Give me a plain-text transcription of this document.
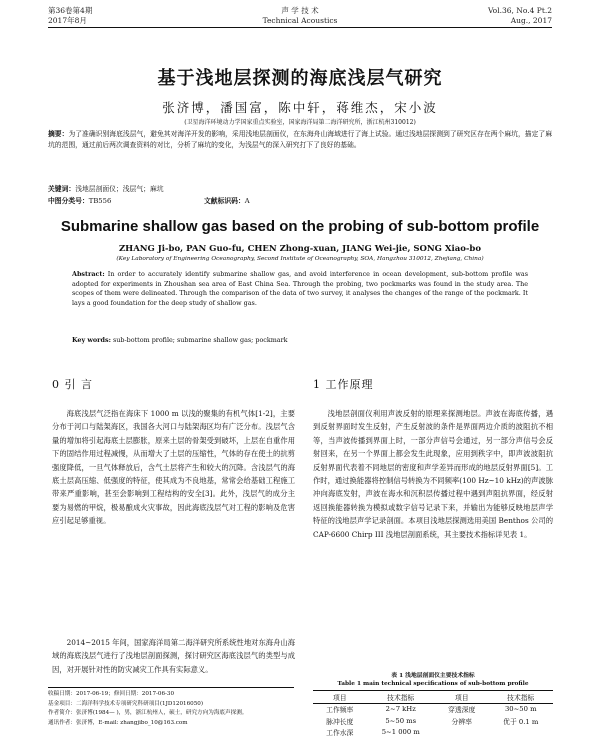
第36卷第4期
2017年8月
声 学 技 术
Technical Acoustics
Vol.36, No.4 Pt.2
Aug., 2017
基于浅地层探测的海底浅层气研究
张济博，潘国富，陈中轩，蒋维杰，宋小波
(卫星海洋环境动力学国家重点实验室，国家海洋局第二海洋研究所，浙江杭州310012)
摘要：为了准确识别海底浅层气，避免其对海洋开发的影响，采用浅地层剖面仪，在东海舟山海域进行了海上试验。通过浅地层探测到了研究区存在两个麻坑，描定了麻坑的范围，通过前后两次调查资料的对比，分析了麻坑的变化，为浅层气的深入研究打下了良好的基础。
关键词：浅地层剖面仪；浅层气；麻坑
中图分类号：TB556	文献标识码：A
Submarine shallow gas based on the probing of sub-bottom profile
ZHANG Ji-bo, PAN Guo-fu, CHEN Zhong-xuan, JIANG Wei-jie, SONG Xiao-bo
(Key Laboratory of Engineering Oceanography, Second Institute of Oceanography, SOA, Hangzhou 310012, Zhejiang, China)
Abstract: In order to accurately identify submarine shallow gas, and avoid interference in ocean development, sub-bottom profile was adopted for experiments in Zhoushan sea area of East China Sea. Through the probing, two pockmarks was found in the study area. The scopes of them were delineated. Through the comparison of the data of two survey, it analyses the changes of the range of the pockmark. It lays a good foundation for the deep study of shallow gas.
Key words: sub-bottom profile; submarine shallow gas; pockmark
0 引 言
海底浅层气泛指在海床下 1000 m 以浅的聚集的有机气体[1-2]，主要分布于河口与陆架海区，我国各大河口与陆架海区均有广泛分布。浅层气含量的增加将引起海底土层膨胀，原来土层的骨架受到破坏，上层在自重作用下的固结作用过程减慢，从而增大了土层的压缩性，气体的存在使土的抗剪强度降低，一旦气体释放后，含气土层将产生和较大的沉降。含浅层气的海底土层高压缩、低强度的特征，使其成为不良地基，常常会给基础工程施工带来严重影响，甚至会影响到工程结构的安全[3]。此外，浅层气的成分主要为易燃的甲烷，极易酿成火灾事故，因此海底浅层气对工程的影响及危害应引起足够重视。
2014~2015 年间，国家海洋局第二海洋研究所系统性地对东海舟山海域的海底浅层气进行了浅地层剖面探测，探讨研究区海底浅层气的类型与成因，对开展针对性的防灾减灾工作具有实际意义。
1 工作原理
浅地层剖面仪利用声波反射的原理来探测地层。声波在海底传播，遇到反射界面时发生反射，产生反射波的条件是界面两边介质的波阻抗不相等，当声波传播到界面上时，一部分声信号会通过，另一部分声信号会反射回来，在另一个界面上都会发生此现象，应用到秩字中，即声波波阻抗反射界面代表着不同地层的密度和声学差异而形成的地层反射界面[5]。工作时，通过换能器将控制信号转换为不同频率(100 Hz~10 kHz)的声波脉冲向海底发射，声波在海水和沉积层传播过程中遇到声阻抗界面，经反射返回换能器转换为模拟或数字信号记录下来，并输出为能够反映地层声学特征的浅地层声学记录剖面。本项目浅地层探测选用美国 Benthos 公司的 CAP-6600 Chirp III 浅地层剖面系统，其主要技术指标详见表 1。
表 1 浅地层剖面仪主要技术指标
Table 1 main technical specifications of sub-bottom profile
项目	技术指标	项目	技术指标
工作频率	2~7 kHz	穿透深度	30~50 m
脉冲长度	5~50 ms	分辨率	优于 0.1 m
工作水深	5~1 000 m		
收稿日期：2017-06-19；修回日期：2017-06-30
基金项目：二海洋科学技术专项研究科研项目(1JD12016050)
作者简介：张济博(1984— )，男，浙江杭州人，硕士，研究方向为海底声探测。
通讯作者：张济博，E-mail: zhangjibo_10@163.com
